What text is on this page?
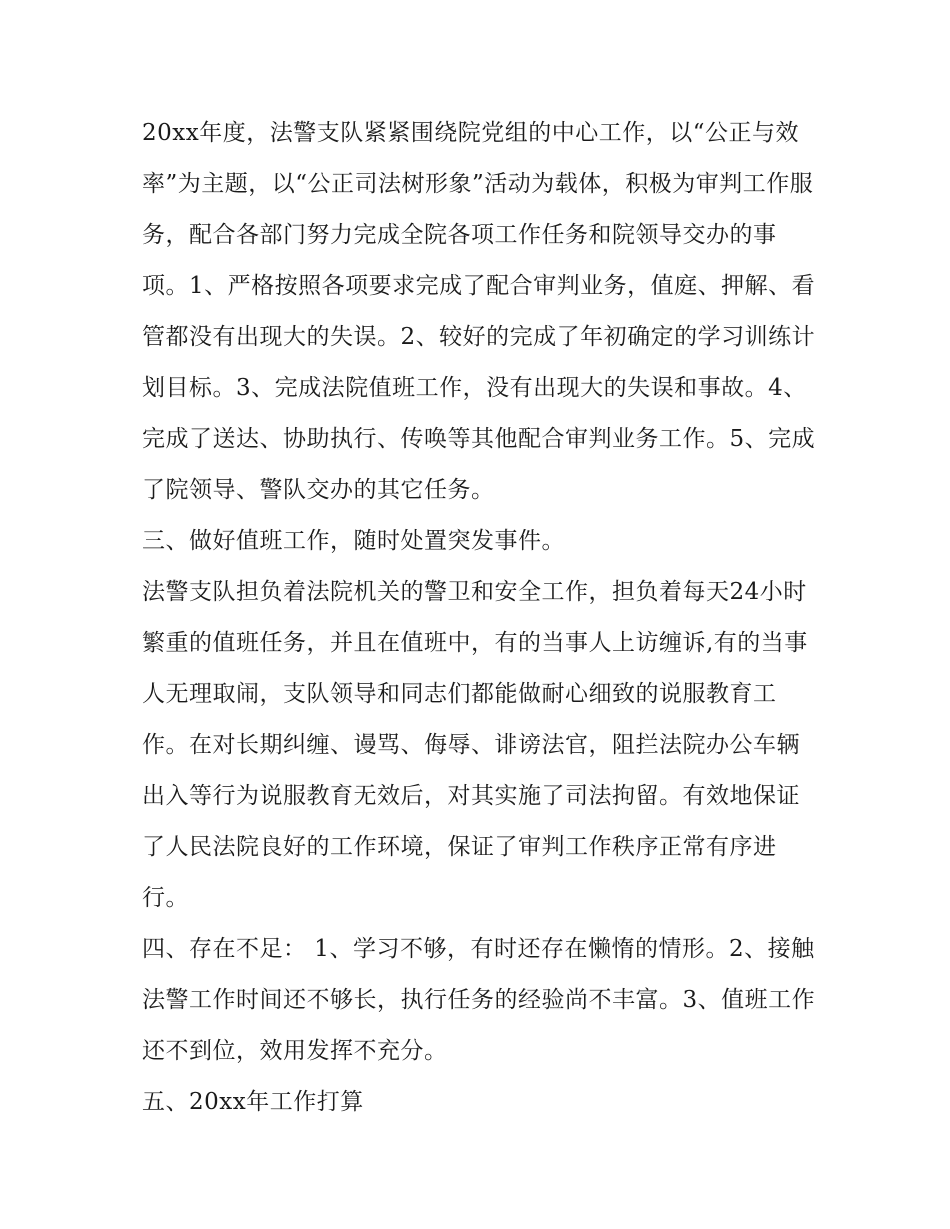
20xx年度，法警支队紧紧围绕院党组的中心工作，以“公正与效率”为主题，以“公正司法树形象”活动为载体，积极为审判工作服务，配合各部门努力完成全院各项工作任务和院领导交办的事项。1、严格按照各项要求完成了配合审判业务，值庭、押解、看管都没有出现大的失误。2、较好的完成了年初确定的学习训练计划目标。3、完成法院值班工作，没有出现大的失误和事故。4、完成了送达、协助执行、传唤等其他配合审判业务工作。5、完成了院领导、警队交办的其它任务。

三、做好值班工作，随时处置突发事件。

法警支队担负着法院机关的警卫和安全工作，担负着每天24小时繁重的值班任务，并且在值班中，有的当事人上访缠诉,有的当事人无理取闹，支队领导和同志们都能做耐心细致的说服教育工作。在对长期纠缠、谩骂、侮辱、诽谤法官，阻拦法院办公车辆出入等行为说服教育无效后，对其实施了司法拘留。有效地保证了人民法院良好的工作环境，保证了审判工作秩序正常有序进行。

四、存在不足： 1、学习不够，有时还存在懒惰的情形。2、接触法警工作时间还不够长，执行任务的经验尚不丰富。3、值班工作还不到位，效用发挥不充分。

五、20xx年工作打算
